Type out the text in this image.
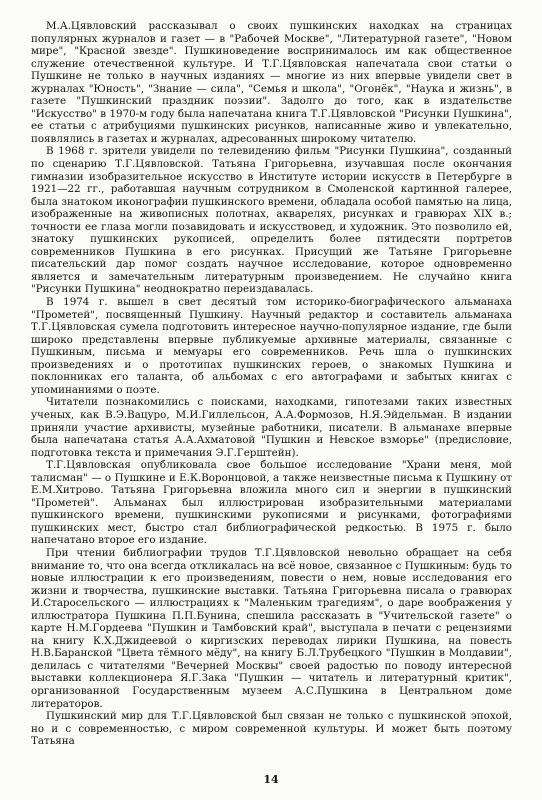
М.А.Цявловский рассказывал о своих пушкинских находках на страницах популярных журналов и газет — в "Рабочей Москве", "Литературной газете", "Новом мире", "Красной звезде". Пушкиноведение воспринималось им как общественное служение отечественной культуре. И Т.Г.Цявловская напечатала свои статьи о Пушкине не только в научных изданиях — многие из них впервые увидели свет в журналах "Юность", "Знание — сила", "Семья и школа", "Огонёк", "Наука и жизнь", в газете "Пушкинский праздник поэзии". Задолго до того, как в издательстве "Искусство" в 1970-м году была напечатана книга Т.Г.Цявловской "Рисунки Пушкина", ее статьи с атрибуциями пушкинских рисунков, написанные живо и увлекательно, появлялись в газетах и журналах, адресованных широкому читателю.

В 1968 г. зрители увидели по телевидению фильм "Рисунки Пушкина", созданный по сценарию Т.Г.Цявловской. Татьяна Григорьевна, изучавшая после окончания гимназии изобразительное искусство в Институте истории искусств в Петербурге в 1921—22 гг., работавшая научным сотрудником в Смоленской картинной галерее, была знатоком иконографии пушкинского времени, обладала особой памятью на лица, изображенные на живописных полотнах, акварелях, рисунках и гравюрах XIX в.; точности ее глаза могли позавидовать и искусствовед, и художник. Это позволило ей, знатоку пушкинских рукописей, определить более пятидесяти портретов современников Пушкина в его рисунках. Присущий же Татьяне Григорьевне писательский дар помог создать научное исследование, которое одновременно является и замечательным литературным произведением. Не случайно книга "Рисунки Пушкина" неоднократно переиздавалась.

В 1974 г. вышел в свет десятый том историко-биографического альманаха "Прометей", посвященный Пушкину. Научный редактор и составитель альманаха Т.Г.Цявловская сумела подготовить интересное научно-популярное издание, где были широко представлены впервые публикуемые архивные материалы, связанные с Пушкиным, письма и мемуары его современников. Речь шла о пушкинских произведениях и о прототипах пушкинских героев, о знакомых Пушкина и поклонниках его таланта, об альбомах с его автографами и забытых книгах с упоминаниями о поэте.

Читатели познакомились с поисками, находками, гипотезами таких известных ученых, как В.Э.Вацуро, М.И.Гиллельсон, А.А.Формозов, Н.Я.Эйдельман. В издании приняли участие архивисты, музейные работники, писатели. В альманахе впервые была напечатана статья А.А.Ахматовой "Пушкин и Невское взморье" (предисловие, подготовка текста и примечания Э.Г.Герштейн).

Т.Г.Цявловская опубликовала свое большое исследование "Храни меня, мой талисман" — о Пушкине и Е.К.Воронцовой, а также неизвестные письма к Пушкину от Е.М.Хитрово. Татьяна Григорьевна вложила много сил и энергии в пушкинский "Прометей". Альманах был иллюстрирован изобразительными материалами пушкинского времени, пушкинскими рукописями и рисунками, фотографиями пушкинских мест, быстро стал библиографической редкостью. В 1975 г. было напечатано второе его издание.

При чтении библиографии трудов Т.Г.Цявловской невольно обращает на себя внимание то, что она всегда откликалась на всё новое, связанное с Пушкиным: будь то новые иллюстрации к его произведениям, повести о нем, новые исследования его жизни и творчества, пушкинские выставки. Татьяна Григорьевна писала о гравюрах И.Старосельского — иллюстрациях к "Маленьким трагедиям", о даре воображения у иллюстратора Пушкина П.П.Бунина, спешила рассказать в "Учительской газете" о карте Н.М.Гордеева "Пушкин и Тамбовский край", выступала в печати с рецензиями на книгу К.Х.Джидеевой о киргизских переводах лирики Пушкина, на повесть Н.В.Баранской "Цвета тёмного мёду", на книгу Б.Л.Трубецкого "Пушкин в Молдавии", делилась с читателями "Вечерней Москвы" своей радостью по поводу интересной выставки коллекционера Я.Г.Зака "Пушкин — читатель и литературный критик", организованной Государственным музеем А.С.Пушкина в Центральном доме литераторов.

Пушкинский мир для Т.Г.Цявловской был связан не только с пушкинской эпохой, но и с современностью, с миром современной культуры. И может быть поэтому Татьяна

14
